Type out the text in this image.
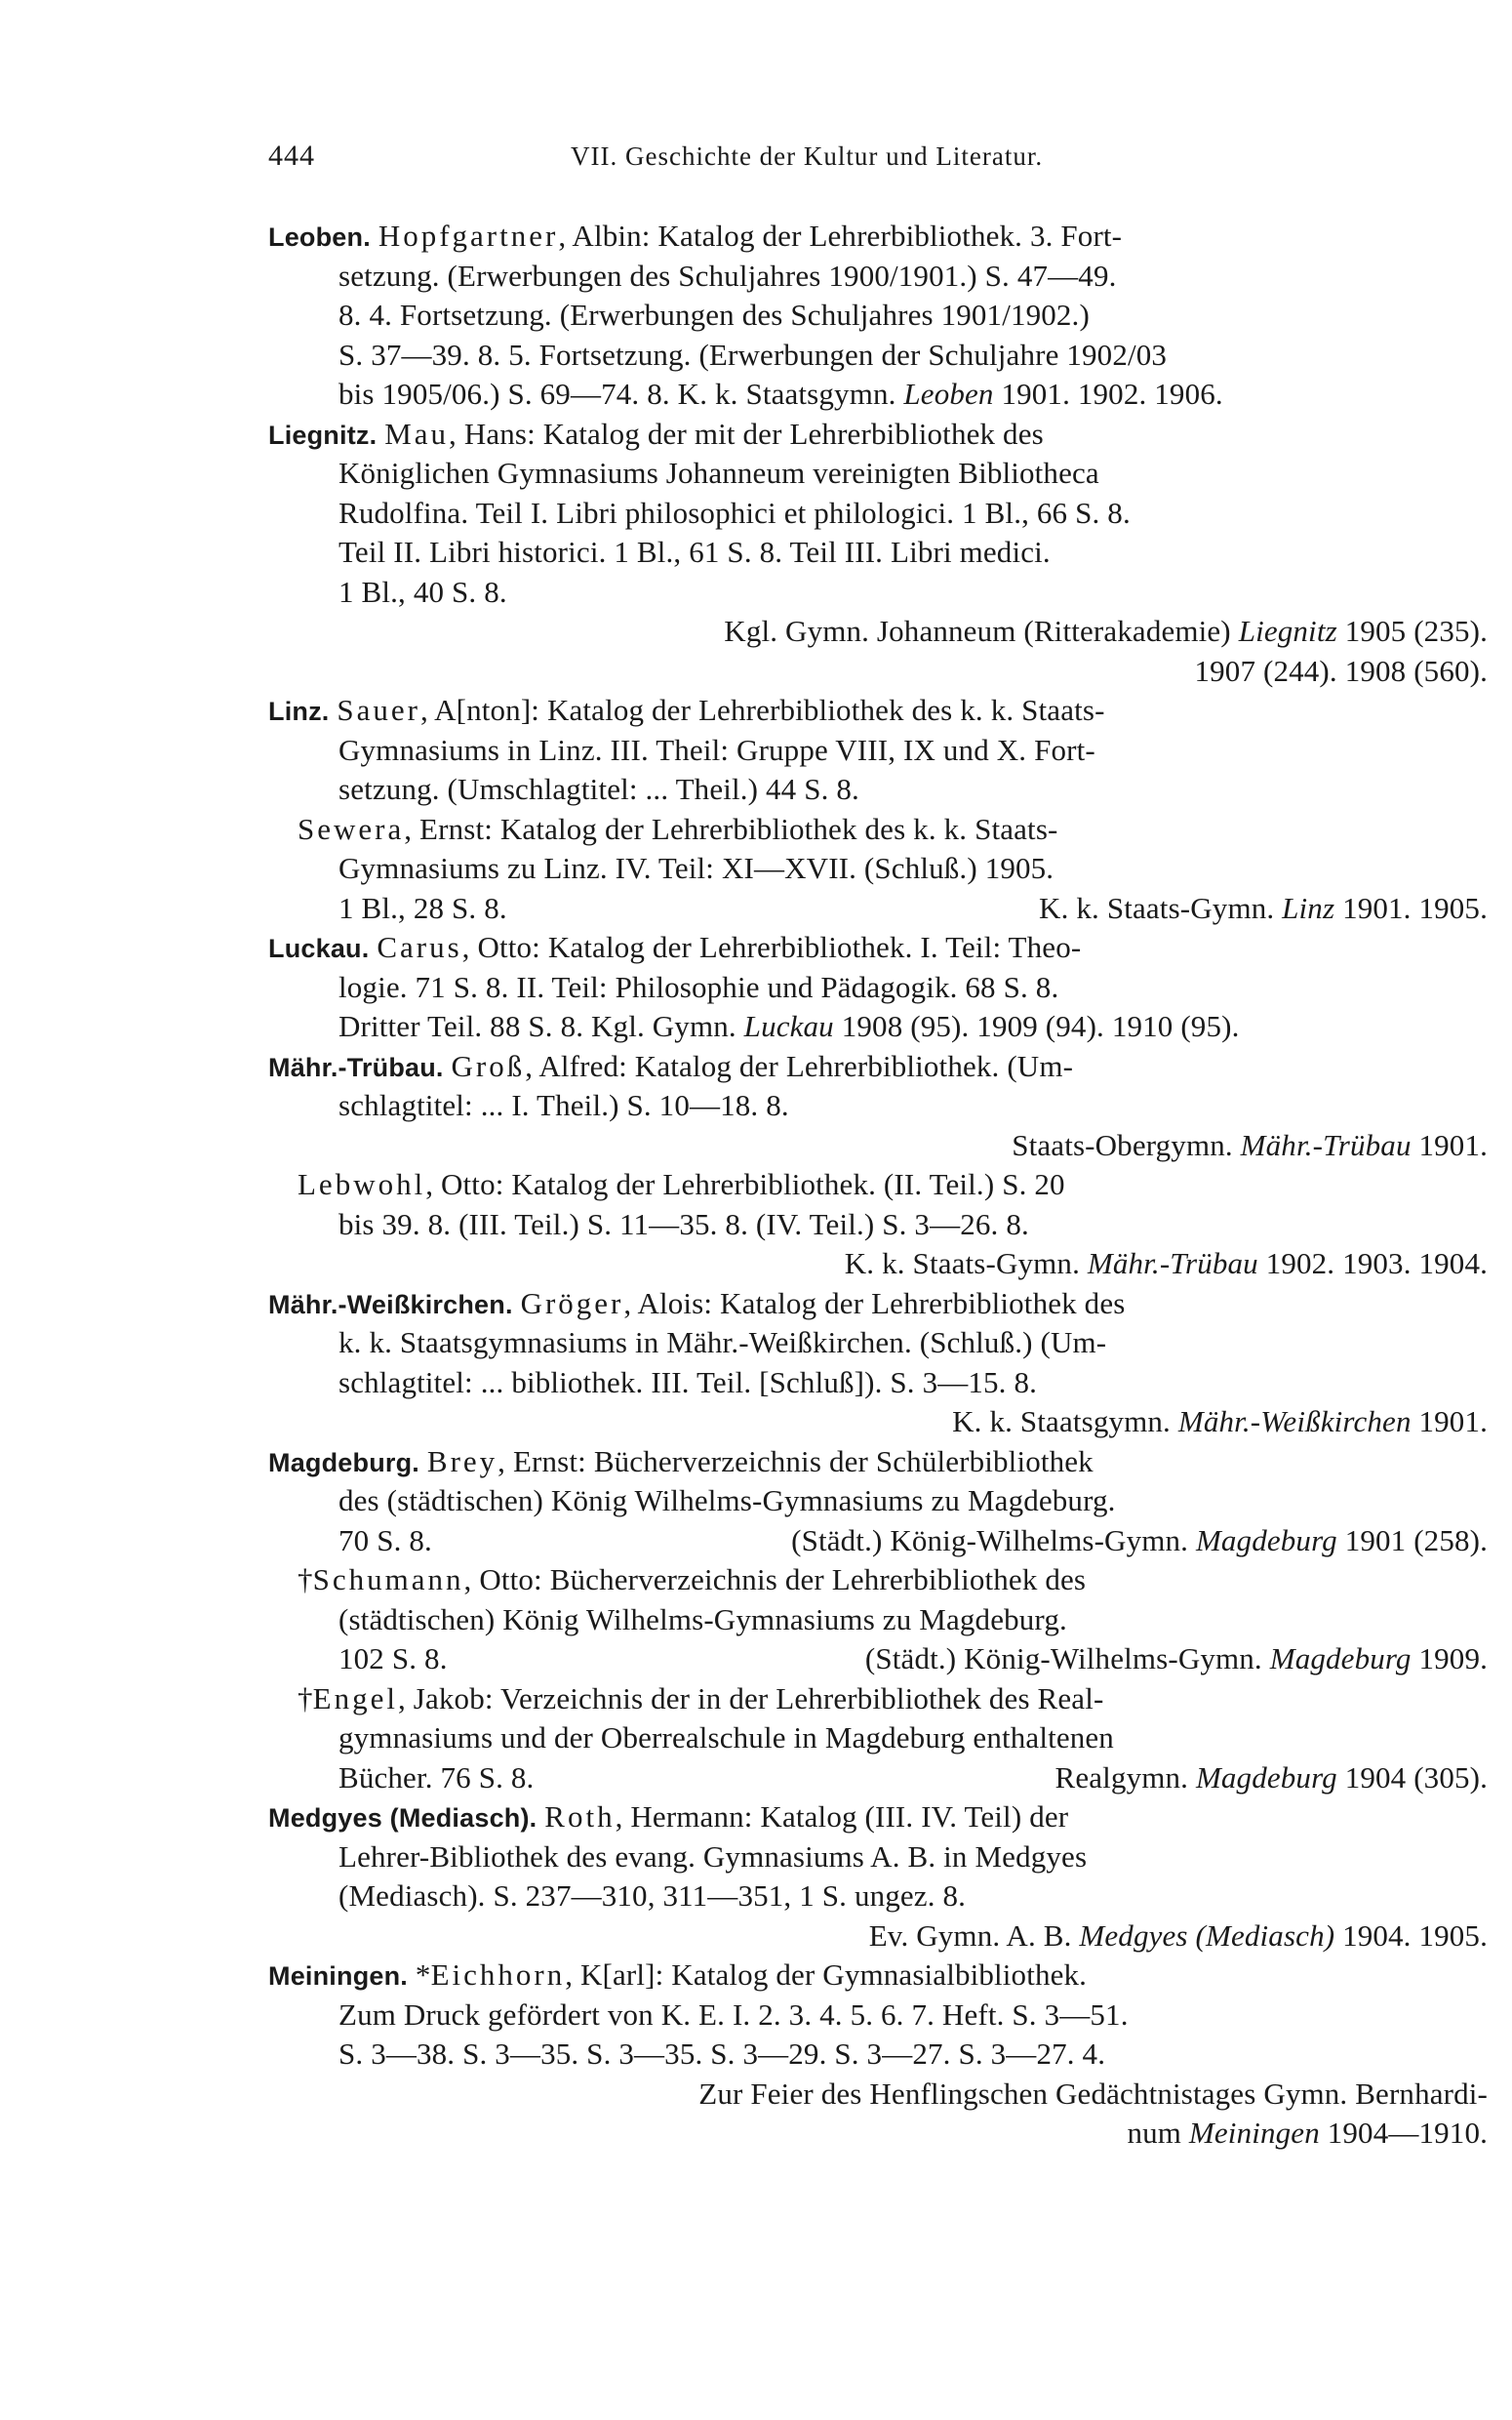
444	VII. Geschichte der Kultur und Literatur.
Leoben. Hopfgartner, Albin: Katalog der Lehrerbibliothek. 3. Fort-
setzung. (Erwerbungen des Schuljahres 1900/1901.) S. 47—49.
8. 4. Fortsetzung. (Erwerbungen des Schuljahres 1901/1902.)
S. 37—39. 8. 5. Fortsetzung. (Erwerbungen der Schuljahre 1902/03
bis 1905/06.) S. 69—74. 8. K. k. Staatsgymn. Leoben 1901. 1902. 1906.
Liegnitz. Mau, Hans: Katalog der mit der Lehrerbibliothek des
Königlichen Gymnasiums Johanneum vereinigten Bibliotheca
Rudolfina. Teil I. Libri philosophici et philologici. 1 Bl., 66 S. 8.
Teil II. Libri historici. 1 Bl., 61 S. 8. Teil III. Libri medici.
1 Bl., 40 S. 8.
Kgl. Gymn. Johanneum (Ritterakademie) Liegnitz 1905 (235).
1907 (244). 1908 (560).
Linz. Sauer, A[nton]: Katalog der Lehrerbibliothek des k. k. Staats-
Gymnasiums in Linz. III. Theil: Gruppe VIII, IX und X. Fort-
setzung. (Umschlagtitel: ... Theil.) 44 S. 8.
Sewera, Ernst: Katalog der Lehrerbibliothek des k. k. Staats-
Gymnasiums zu Linz. IV. Teil: XI—XVII. (Schluß.) 1905.
1 Bl., 28 S. 8.	K. k. Staats-Gymn. Linz 1901. 1905.
Luckau. Carus, Otto: Katalog der Lehrerbibliothek. I. Teil: Theo-
logie. 71 S. 8. II. Teil: Philosophie und Pädagogik. 68 S. 8.
Dritter Teil. 88 S. 8. Kgl. Gymn. Luckau 1908 (95). 1909 (94). 1910 (95).
Mähr.-Trübau. Groß, Alfred: Katalog der Lehrerbibliothek. (Um-
schlagtitel: ... I. Theil.) S. 10—18. 8.
Staats-Obergymn. Mähr.-Trübau 1901.
Lebwohl, Otto: Katalog der Lehrerbibliothek. (II. Teil.) S. 20
bis 39. 8. (III. Teil.) S. 11—35. 8. (IV. Teil.) S. 3—26. 8.
K. k. Staats-Gymn. Mähr.-Trübau 1902. 1903. 1904.
Mähr.-Weißkirchen. Gröger, Alois: Katalog der Lehrerbibliothek des
k. k. Staatsgymnasiums in Mähr.-Weißkirchen. (Schluß.) (Um-
schlagtitel: ... bibliothek. III. Teil. [Schluß]). S. 3—15. 8.
K. k. Staatsgymn. Mähr.-Weißkirchen 1901.
Magdeburg. Brey, Ernst: Bücherverzeichnis der Schülerbibliothek
des (städtischen) König Wilhelms-Gymnasiums zu Magdeburg.
70 S. 8.	(Städt.) König-Wilhelms-Gymn. Magdeburg 1901 (258).
†Schumann, Otto: Bücherverzeichnis der Lehrerbibliothek des
(städtischen) König Wilhelms-Gymnasiums zu Magdeburg.
102 S. 8.	(Städt.) König-Wilhelms-Gymn. Magdeburg 1909.
†Engel, Jakob: Verzeichnis der in der Lehrerbibliothek des Real-
gymnasiums und der Oberrealschule in Magdeburg enthaltenen
Bücher. 76 S. 8.	Realgymn. Magdeburg 1904 (305).
Medgyes (Mediasch). Roth, Hermann: Katalog (III. IV. Teil) der
Lehrer-Bibliothek des evang. Gymnasiums A. B. in Medgyes
(Mediasch). S. 237—310, 311—351, 1 S. ungez. 8.
Ev. Gymn. A. B. Medgyes (Mediasch) 1904. 1905.
Meiningen. *Eichhorn, K[arl]: Katalog der Gymnasialbibliothek.
Zum Druck gefördert von K. E. I. 2. 3. 4. 5. 6. 7. Heft. S. 3—51.
S. 3—38. S. 3—35. S. 3—35. S. 3—29. S. 3—27. S. 3—27. 4.
Zur Feier des Henflingschen Gedächtnistages Gymn. Bernhardi-
num Meiningen 1904—1910.
